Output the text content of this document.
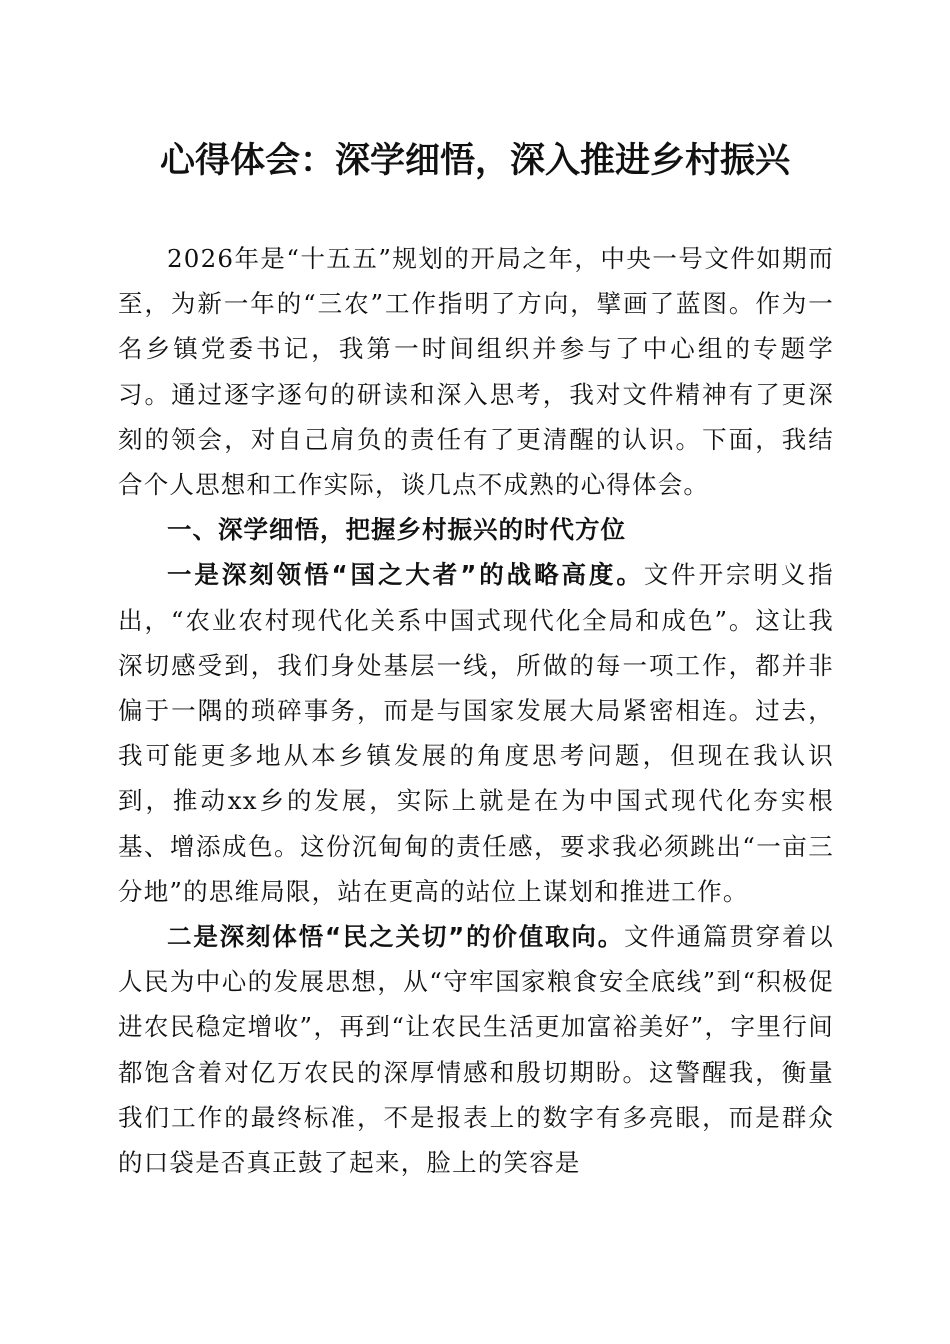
心得体会：深学细悟，深入推进乡村振兴

2026年是“十五五”规划的开局之年，中央一号文件如期而至，为新一年的“三农”工作指明了方向，擘画了蓝图。作为一名乡镇党委书记，我第一时间组织并参与了中心组的专题学习。通过逐字逐句的研读和深入思考，我对文件精神有了更深刻的领会，对自己肩负的责任有了更清醒的认识。下面，我结合个人思想和工作实际，谈几点不成熟的心得体会。

一、深学细悟，把握乡村振兴的时代方位

一是深刻领悟“国之大者”的战略高度。文件开宗明义指出，“农业农村现代化关系中国式现代化全局和成色”。这让我深切感受到，我们身处基层一线，所做的每一项工作，都并非偏于一隅的琐碎事务，而是与国家发展大局紧密相连。过去，我可能更多地从本乡镇发展的角度思考问题，但现在我认识到，推动xx乡的发展，实际上就是在为中国式现代化夯实根基、增添成色。这份沉甸甸的责任感，要求我必须跳出“一亩三分地”的思维局限，站在更高的站位上谋划和推进工作。

二是深刻体悟“民之关切”的价值取向。文件通篇贯穿着以人民为中心的发展思想，从“守牢国家粮食安全底线”到“积极促进农民稳定增收”，再到“让农民生活更加富裕美好”，字里行间都饱含着对亿万农民的深厚情感和殷切期盼。这警醒我，衡量我们工作的最终标准，不是报表上的数字有多亮眼，而是群众的口袋是否真正鼓了起来，脸上的笑容是
